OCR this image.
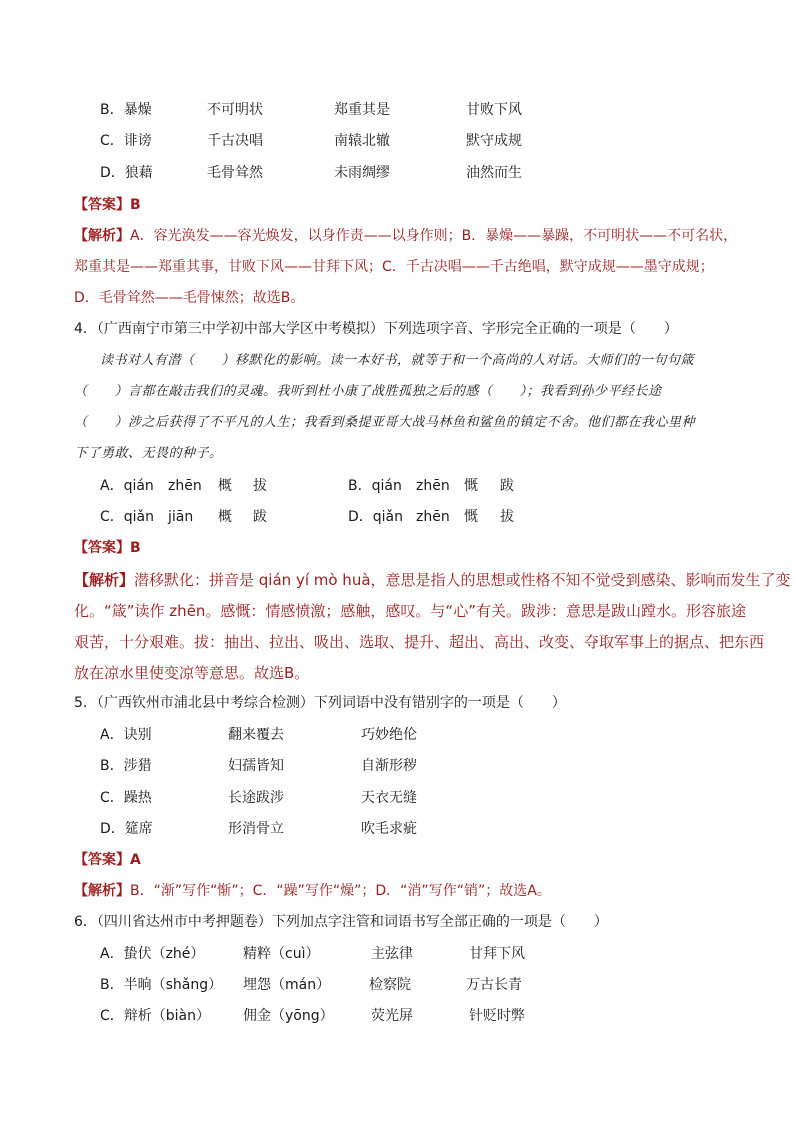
B．暴燥	不可明状	郑重其是	甘败下风
C．诽谤	千古决唱	南辕北辙	默守成规
D．狼藉	毛骨耸然	未雨绸缪	油然而生
【答案】B
【解析】A．容光涣发——容光焕发，以身作责——以身作则；B．暴燥——暴躁，不可明状——不可名状，
郑重其是——郑重其事，甘败下风——甘拜下风；C．千古决唱——千古绝唱，默守成规——墨守成规；
D．毛骨耸然——毛骨悚然；故选B。
4．（广西南宁市第三中学初中部大学区中考模拟）下列选项字音、字形完全正确的一项是（　　）
读书对人有潜（　　）移默化的影响。读一本好书，就等于和一个高尚的人对话。大师们的一句句箴
（　　）言都在敲击我们的灵魂。我听到杜小康了战胜孤独之后的感（　　）；我看到孙少平经长途
（　　）涉之后获得了不平凡的人生；我看到桑提亚哥大战马林鱼和鲨鱼的镇定不舍。他们都在我心里种
下了勇敢、无畏的种子。
A．qián zhēn 概 拔	B．qián zhēn 慨 跋
C．qiǎn jiān 概 跋	D．qiǎn zhēn 慨 拔
【答案】B
【解析】潜移默化：拼音是 qián yí mò huà，意思是指人的思想或性格不知不觉受到感染、影响而发生了变
化。“箴”读作 zhēn。感慨：情感愤激；感触，感叹。与“心”有关。跋涉：意思是跋山蹚水。形容旅途
艰苦，十分艰难。拔：抽出、拉出、吸出、选取、提升、超出、高出、改变、夺取军事上的据点、把东西
放在凉水里使变凉等意思。故选B。
5．（广西钦州市浦北县中考综合检测）下列词语中没有错别字的一项是（　　）
A．诀别	翻来覆去	巧妙绝伦
B．涉猎	妇孺皆知	自渐形秽
C．躁热	长途跋涉	天衣无缝
D．筵席	形消骨立	吹毛求疵
【答案】A
【解析】B．“渐”写作“惭”；C．“躁”写作“燥”；D．“消”写作“销”；故选A。
6．（四川省达州市中考押题卷）下列加点字注管和词语书写全部正确的一项是（　　）
A．蛰伏（zhé）	精粹（cuì）	主弦律	甘拜下风
B．半晌（shǎng） 埋怨（mán）	检察院	万古长青
C．辩析（biàn） 佣金（yōng）	荧光屏	针贬时弊
